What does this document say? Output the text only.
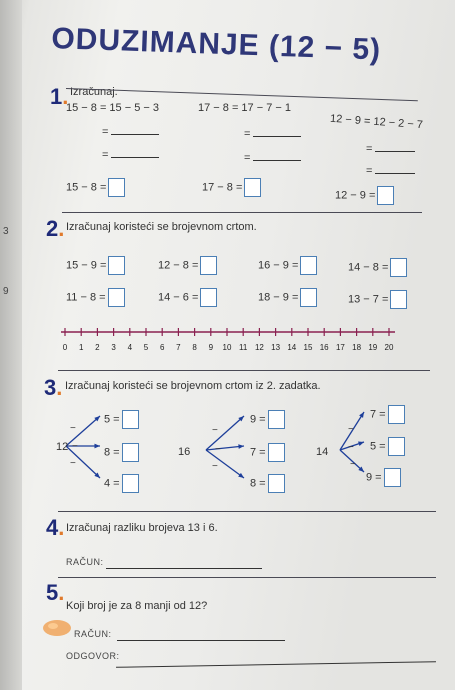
ODUZIMANJE (12 − 5)
3
9
1. Izračunaj.
15 − 8 = 15 − 5 − 3
=
=
15 − 8 =
17 − 8 = 17 − 7 − 1
=
=
17 − 8 =
12 − 9 = 12 − 2 − 7
=
=
12 − 9 =
2. Izračunaj koristeći se brojevnom crtom.
15 − 9 =	12 − 8 =	16 − 9 =	14 − 8 =
11 − 8 =	14 − 6 =	18 − 9 =	13 − 7 =
0 1 2 3 4 5 6 7 8 9 10 11 12 13 14 15 16 17 18 19 20
3. Izračunaj koristeći se brojevnom crtom iz 2. zadatka.
12
5 =
8 =
4 =
16
9 =
7 =
8 =
14
7 =
5 =
9 =
−
−
−
−
−
−
−
−
−
4. Izračunaj razliku brojeva 13 i 6.
RAČUN:
5.
Koji broj je za 8 manji od 12?
RAČUN:
ODGOVOR:
